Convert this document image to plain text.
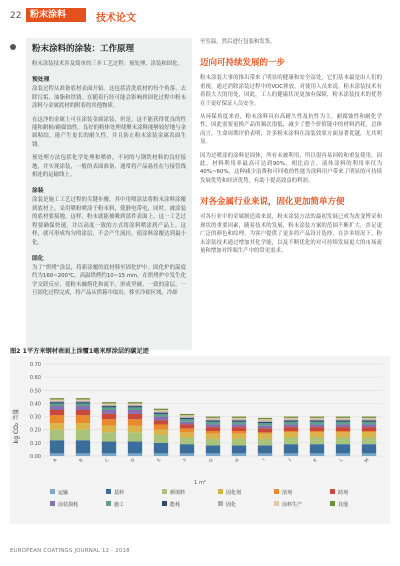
22 粉末涂料	技术论文
粉末涂料的涂装：工作原理

粉末涂装技术涉及简单的三步工艺过程：预处理、涂装和固化。

预处理

涂装过程从准备底材表面开始。这包括清洗底材的每个角落、去除污垢、油脂和铁锈。在随着行经可能会影响到固化过程中粉末涂料与金属底材的附着的其他物质。

在这净的金属上可在涂装金属涂装，但是，这不能获得优良的性能和耐候/耐腐蚀性。良好的粉体处理使聚末涂料能够较好地与金属粘结，能产生更长的耐久性，并且防止粉末涂装金属表面生锈。

预处理方法包括化学处理和喷砂，不同的与钢铁材料的良好接地，并实现涂装，一般的表面准备，通常将产品悬挂在与接管线相连的运输线上。

涂装

涂装是施工工艺过程的关键步骤，其中用喷涂法将粉末涂料涂覆到底材上。采用喷粉喷涂于粉末料，使静电带电，同时，被涂装的底材要接地，这样，粉末就能被吸到部件表面上。这一工艺过程要确保快速，并以高度一致的方式将涂料喷涂到产品上。这样，就可形成均匀的涂层，不会产生流挂，使涂料涂覆达到最小化。

固化

为了“烘烤”涂层，将新涂覆的底材移至固化炉中。固化炉的温度约为160~200℃。高温烘烤约10~15 min。在烘烤炉中发生化学交联反应，使粉末融熔化和流平，形成坚硬、一致的涂层，一旦固化过程完成，将产品从烘箱中取出，移至冷却区域，冷却

至室温，然后进行包装和发货。

迈向可持续发展的一步

粉末涂装大事的推出带来了明显的健康和安全益处，它们基本最是由人们的重视。通过消除涂装过程中的VOC排放，对使用人员来说，粉末涂装技术有着很大大的用处，因此，工人的健康状况更加有保障，粉末涂装技术的优势在于更好保证人员安全。

从环保角度来看，粉末涂料具有高耐久性及抗性为主，耐腐蚀性和耐化学性，因此需要更换产品的频次很低，减少了整个价值链中的材料消耗，总体而言，生命周期评价表明，许多粉末涂料在涂装效果方面显著优越，尤其明显。

因为过喷涂的涂料是固体，所有未被利用，所以很容易回收和重复使用，因此，材料利用率最高可达到90%，相比而言，液体涂料的利用率仅为40%~60%，这种减少浪费和可回收的性能为涂料用户带来了明显的可持续发展优势和经济优势，有助于提高效益的利润。

对各金属行业来说，固化更加简单方便

对各行业中的金属制造商来说，粉末涂装方法的最初发展已成为改变博采和现状的重要因素，随着技术的发展，粉末涂装方案的范围不断扩大，涉足更广泛的颜色和纹理，为客户提供了更多的产品设计选择。在涉多情况下，粉末涂装技术通过增加其化学能，以及不断优化的对可持续发展更大的市场流量和增加对终端生产中的常见需求。

图2 1平方米钢材表面上涂覆1毫米厚涂层的碳足迹
kg CO₂ 当量
0.00
0.10
0.20
0.30
0.40
0.50
0.60
0.70
A	B	C	D	E	F	G	H	I	J	K	L	M
1 m²
运输	基料	颜填料	固化剂	溶剂	助剂
涂装损耗	施工	能耗	固化	涂料生产	其他
EUROPEAN COATINGS JOURNAL 12 - 2018
